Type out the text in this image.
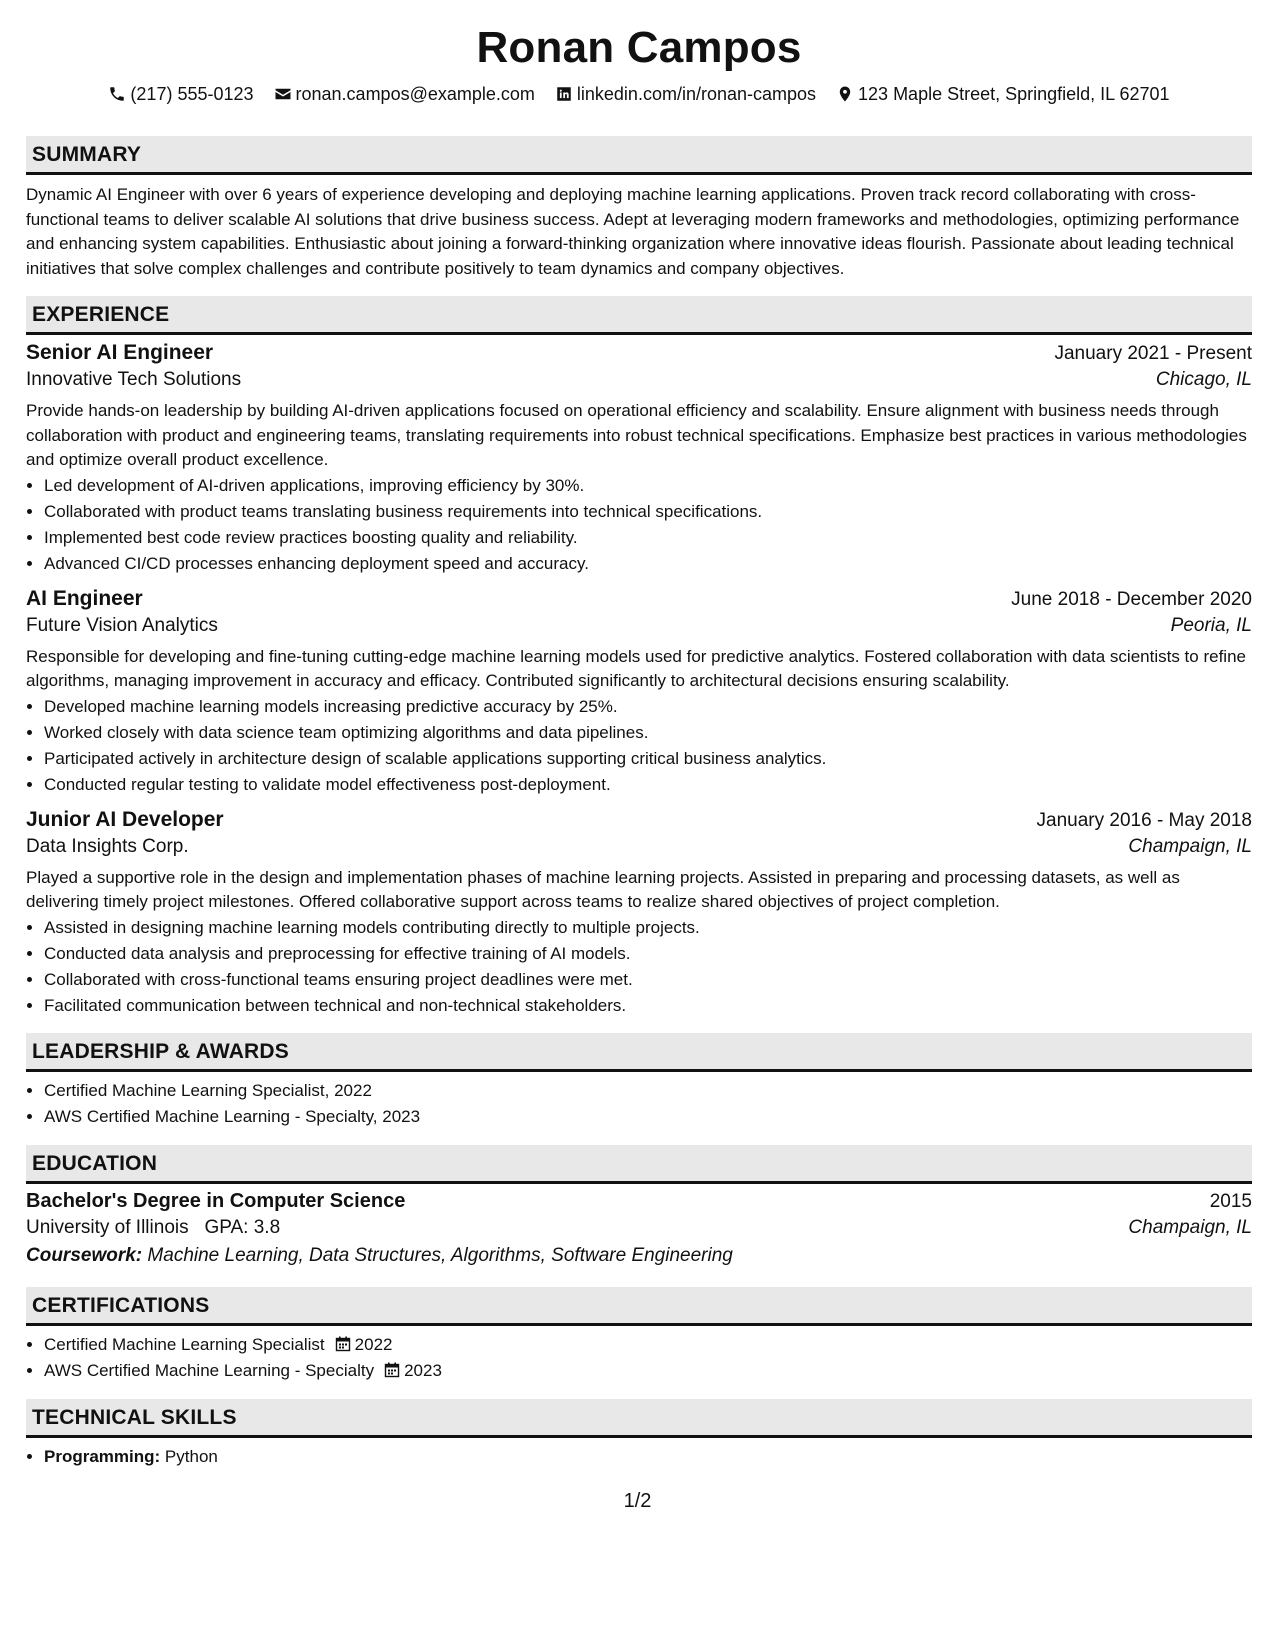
Ronan Campos
(217) 555-0123 ronan.campos@example.com linkedin.com/in/ronan-campos 123 Maple Street, Springfield, IL 62701
SUMMARY

Dynamic AI Engineer with over 6 years of experience developing and deploying machine learning applications. Proven track record collaborating with cross-functional teams to deliver scalable AI solutions that drive business success. Adept at leveraging modern frameworks and methodologies, optimizing performance and enhancing system capabilities. Enthusiastic about joining a forward-thinking organization where innovative ideas flourish. Passionate about leading technical initiatives that solve complex challenges and contribute positively to team dynamics and company objectives.

EXPERIENCE
Senior AI Engineer	January 2021 - Present
Innovative Tech Solutions	Chicago, IL

Provide hands-on leadership by building AI-driven applications focused on operational efficiency and scalability. Ensure alignment with business needs through collaboration with product and engineering teams, translating requirements into robust technical specifications. Emphasize best practices in various methodologies and optimize overall product excellence.

• Led development of AI-driven applications, improving efficiency by 30%.
• Collaborated with product teams translating business requirements into technical specifications.
• Implemented best code review practices boosting quality and reliability.
• Advanced CI/CD processes enhancing deployment speed and accuracy.
AI Engineer	June 2018 - December 2020
Future Vision Analytics	Peoria, IL

Responsible for developing and fine-tuning cutting-edge machine learning models used for predictive analytics. Fostered collaboration with data scientists to refine algorithms, managing improvement in accuracy and efficacy. Contributed significantly to architectural decisions ensuring scalability.

• Developed machine learning models increasing predictive accuracy by 25%.
• Worked closely with data science team optimizing algorithms and data pipelines.
• Participated actively in architecture design of scalable applications supporting critical business analytics.
• Conducted regular testing to validate model effectiveness post-deployment.
Junior AI Developer	January 2016 - May 2018
Data Insights Corp.	Champaign, IL

Played a supportive role in the design and implementation phases of machine learning projects. Assisted in preparing and processing datasets, as well as delivering timely project milestones. Offered collaborative support across teams to realize shared objectives of project completion.

• Assisted in designing machine learning models contributing directly to multiple projects.
• Conducted data analysis and preprocessing for effective training of AI models.
• Collaborated with cross-functional teams ensuring project deadlines were met.
• Facilitated communication between technical and non-technical stakeholders.
LEADERSHIP & AWARDS
• Certified Machine Learning Specialist, 2022
• AWS Certified Machine Learning - Specialty, 2023
EDUCATION
Bachelor's Degree in Computer Science	2015
University of Illinois GPA: 3.8	Champaign, IL
Coursework: Machine Learning, Data Structures, Algorithms, Software Engineering
CERTIFICATIONS
• Certified Machine Learning Specialist 2022
• AWS Certified Machine Learning - Specialty 2023
TECHNICAL SKILLS
• Programming: Python
1/2
